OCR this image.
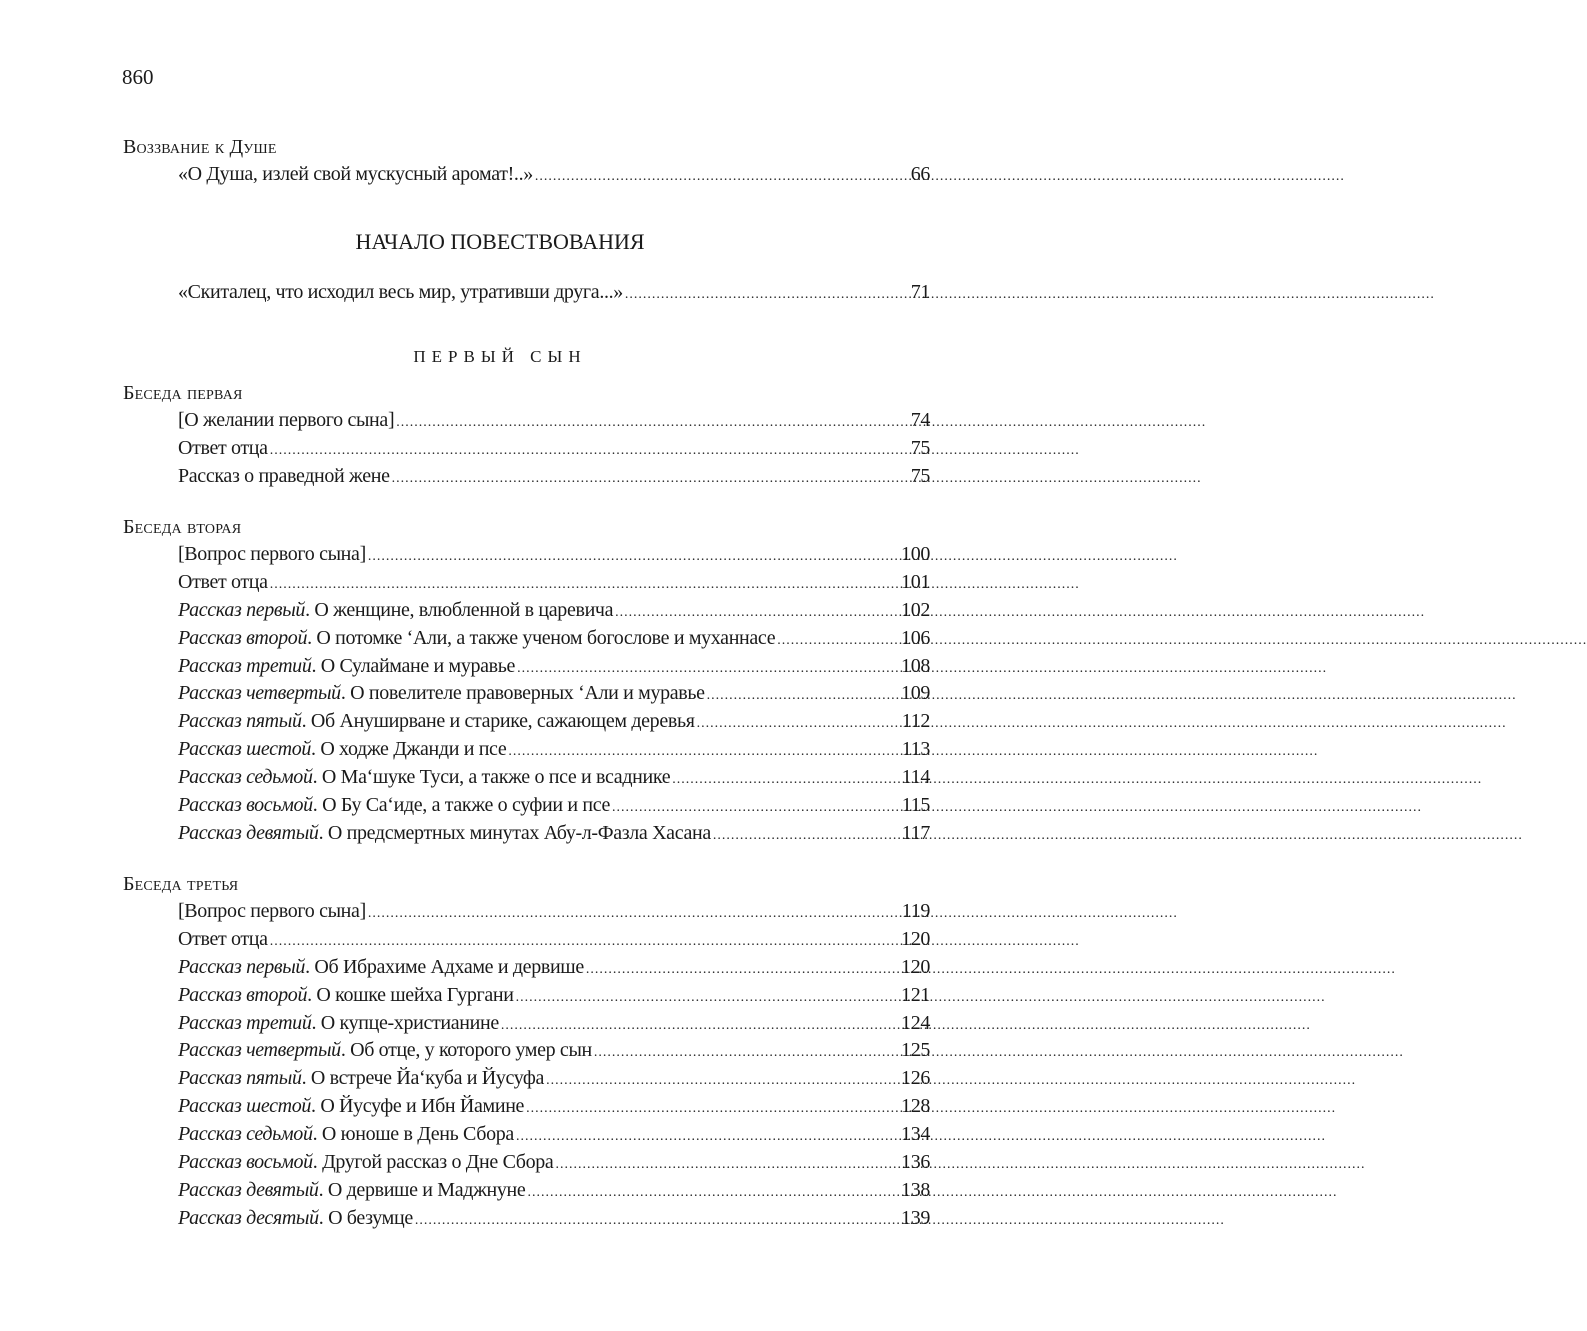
860
Воззвание к Душе
«О Душа, излей свой мускусный аромат!..» .....	66
НАЧАЛО ПОВЕСТВОВАНИЯ
«Скиталец, что исходил весь мир, утративши друга...» .....	71
ПЕРВЫЙ СЫН
Беседа первая
[О желании первого сына] .....	74
Ответ отца .....	75
Рассказ о праведной жене .....	75
Беседа вторая
[Вопрос первого сына] .....	100
Ответ отца .....	101
Рассказ первый. О женщине, влюбленной в царевича .....	102
Рассказ второй. О потомке ‘Али, а также ученом богослове и муханнасе .....	106
Рассказ третий. О Сулаймане и муравье .....	108
Рассказ четвертый. О повелителе правоверных ‘Али и муравье .....	109
Рассказ пятый. Об Ануширване и старике, сажающем деревья .....	112
Рассказ шестой. О ходже Джанди и псе .....	113
Рассказ седьмой. О Ма‘шуке Туси, а также о псе и всаднике .....	114
Рассказ восьмой. О Бу Са‘иде, а также о суфии и псе .....	115
Рассказ девятый. О предсмертных минутах Абу-л-Фазла Хасана .....	117
Беседа третья
[Вопрос первого сына] .....	119
Ответ отца .....	120
Рассказ первый. Об Ибрахиме Адхаме и дервише .....	120
Рассказ второй. О кошке шейха Гургани .....	121
Рассказ третий. О купце-христианине .....	124
Рассказ четвертый. Об отце, у которого умер сын .....	125
Рассказ пятый. О встрече Йа‘куба и Йусуфа .....	126
Рассказ шестой. О Йусуфе и Ибн Йамине .....	128
Рассказ седьмой. О юноше в День Сбора .....	134
Рассказ восьмой. Другой рассказ о Дне Сбора .....	136
Рассказ девятый. О дервише и Маджнуне .....	138
Рассказ десятый. О безумце .....	139
